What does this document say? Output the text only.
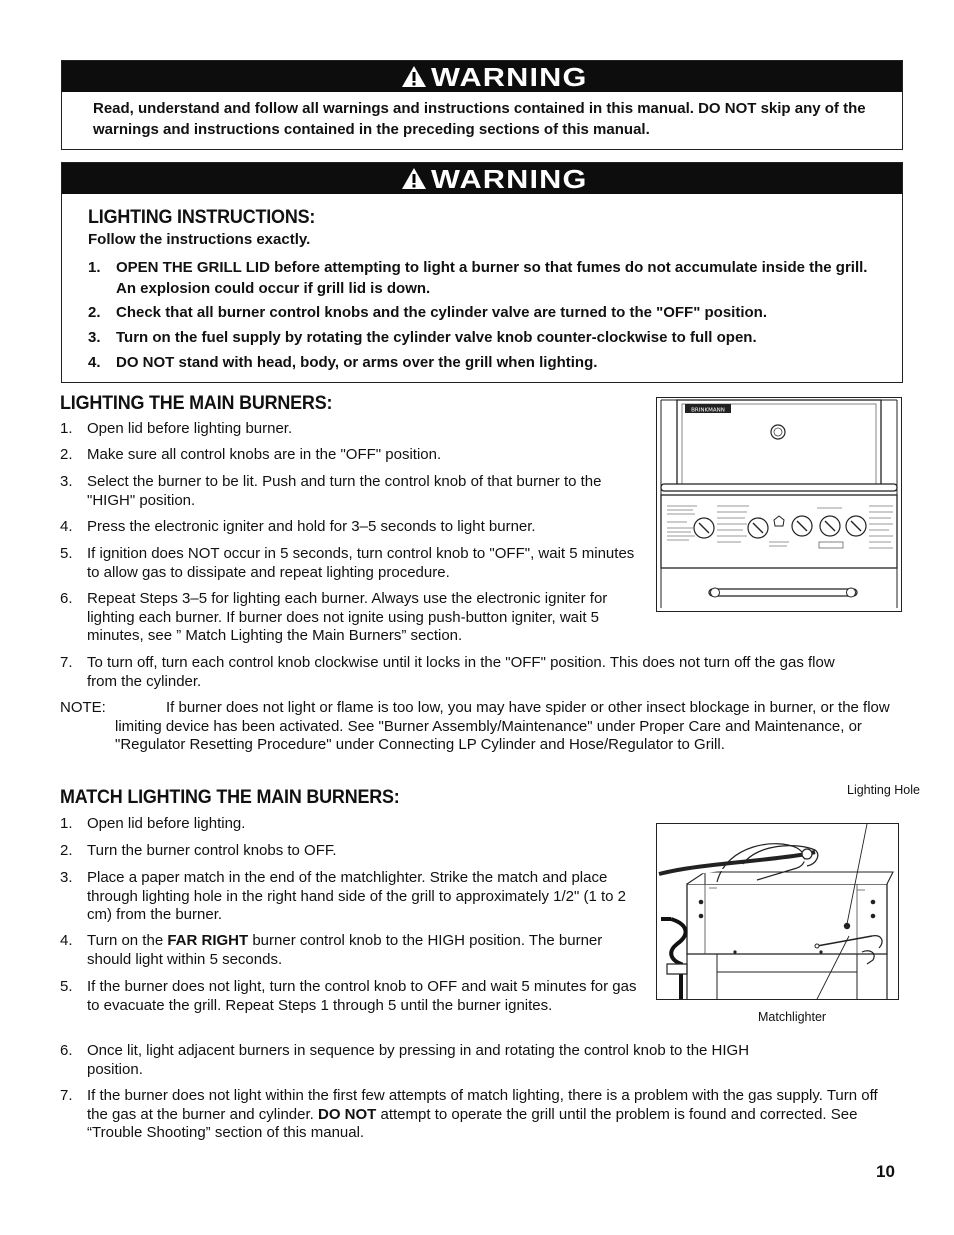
WARNING
Read, understand and follow all warnings and instructions contained in this manual. DO NOT skip any of the warnings and instructions contained in the preceding sections of this manual.
WARNING
LIGHTING INSTRUCTIONS:
Follow the instructions exactly.
1. OPEN THE GRILL LID before attempting to light a burner so that fumes do not accumulate inside the grill. An explosion could occur if grill lid is down.
2. Check that all burner control knobs and the cylinder valve are turned to the "OFF" position.
3. Turn on the fuel supply by rotating the cylinder valve knob counter-clockwise to full open.
4. DO NOT stand with head, body, or arms over the grill when lighting.
LIGHTING THE MAIN BURNERS:
1. Open lid before lighting burner.
2. Make sure all control knobs are in the "OFF" position.
3. Select the burner to be lit. Push and turn the control knob of that burner to the "HIGH" position.
4. Press the electronic igniter and hold for 3–5 seconds to light burner.
5. If ignition does NOT occur in 5 seconds, turn control knob to "OFF", wait 5 minutes to allow gas to dissipate and repeat lighting procedure.
6. Repeat Steps 3–5 for lighting each burner. Always use the electronic igniter for lighting each burner. If burner does not ignite using push-button igniter, wait 5 minutes, see ” Match Lighting the Main Burners” section.
7. To turn off, turn each control knob clockwise until it locks in the "OFF" position. This does not turn off the gas flow from the cylinder.
NOTE:	If burner does not light or flame is too low, you may have spider or other insect blockage in burner, or the flow limiting device has been activated. See "Burner Assembly/Maintenance" under Proper Care and Maintenance, or "Regulator Resetting Procedure" under Connecting LP Cylinder and Hose/Regulator to Grill.
BRINKMANN
MATCH LIGHTING THE MAIN BURNERS:
1. Open lid before lighting.
2. Turn the burner control knobs to OFF.
3. Place a paper match in the end of the matchlighter. Strike the match and place through lighting hole in the right hand side of the grill to approximately 1/2" (1 to 2 cm) from the burner.
4. Turn on the FAR RIGHT burner control knob to the HIGH position. The burner should light within 5 seconds.
5. If the burner does not light, turn the control knob to OFF and wait 5 minutes for gas to evacuate the grill. Repeat Steps 1 through 5 until the burner ignites.
6. Once lit, light adjacent burners in sequence by pressing in and rotating the control knob to the HIGH position.
7. If the burner does not light within the first few attempts of match lighting, there is a problem with the gas supply. Turn off the gas at the burner and cylinder. DO NOT attempt to operate the grill until the problem is found and corrected. See “Trouble Shooting” section of this manual.
Lighting Hole
Matchlighter
10
